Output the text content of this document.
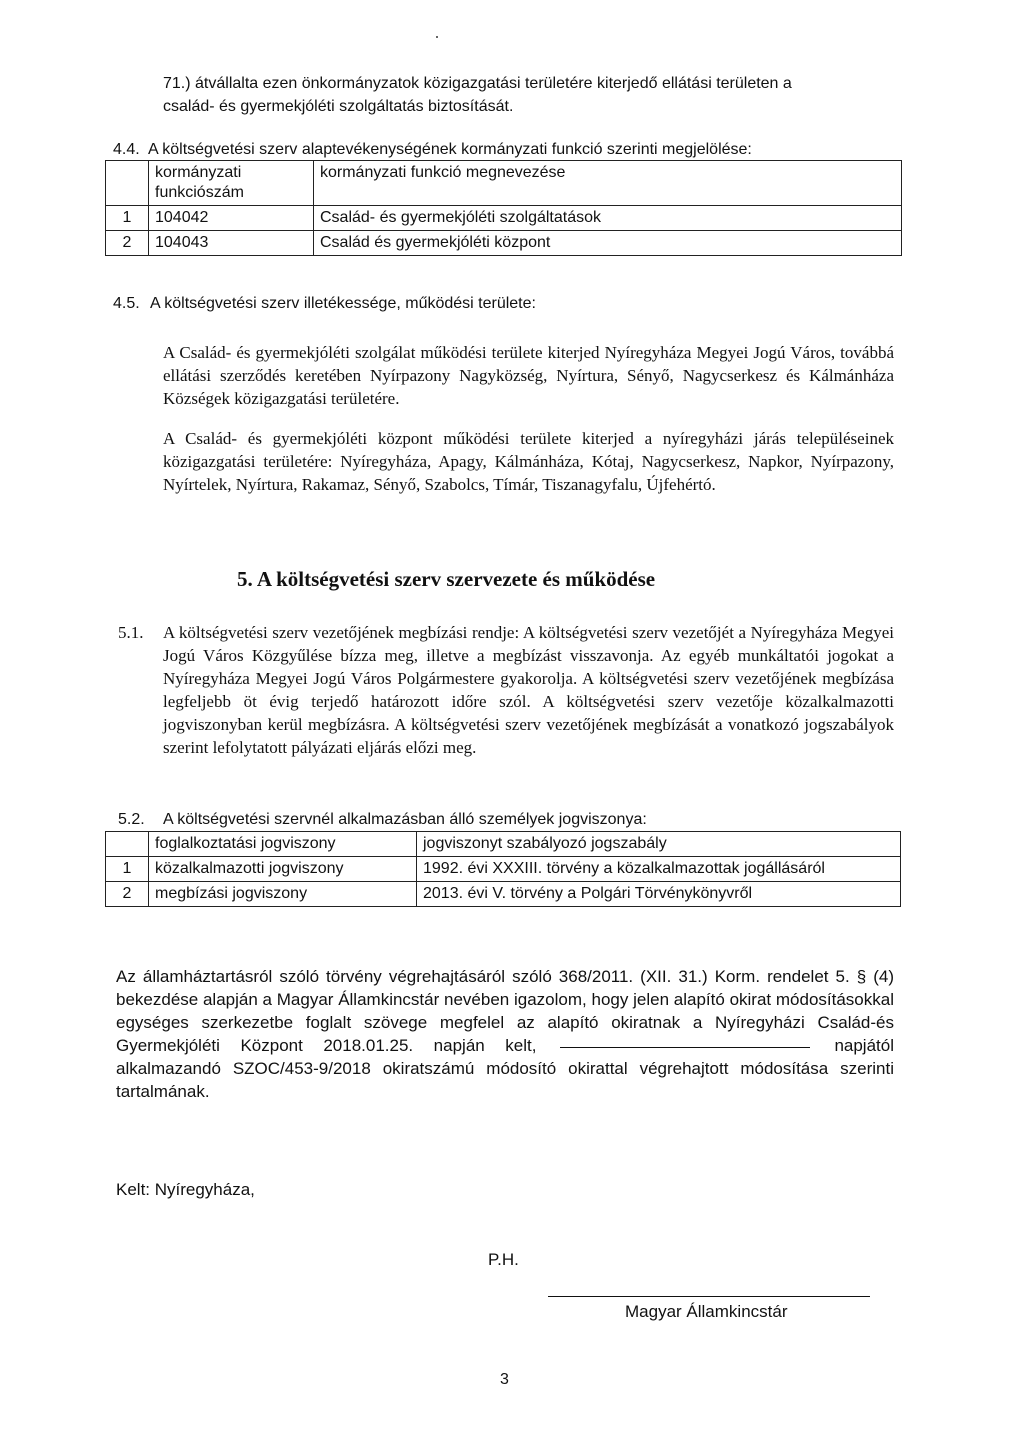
71.) átvállalta ezen önkormányzatok közigazgatási területére kiterjedő ellátási területen a
család- és gyermekjóléti szolgáltatás biztosítását.
4.4. A költségvetési szerv alaptevékenységének kormányzati funkció szerinti megjelölése:
	kormányzati funkciószám	kormányzati funkció megnevezése
1	104042	Család- és gyermekjóléti szolgáltatások
2	104043	Család és gyermekjóléti központ
4.5. A költségvetési szerv illetékessége, működési területe:
A Család- és gyermekjóléti szolgálat működési területe kiterjed Nyíregyháza Megyei Jogú Város, továbbá ellátási szerződés keretében Nyírpazony Nagyközség, Nyírtura, Sényő, Nagycserkesz és Kálmánháza Községek közigazgatási területére.
A Család- és gyermekjóléti központ működési területe kiterjed a nyíregyházi járás településeinek közigazgatási területére: Nyíregyháza, Apagy, Kálmánháza, Kótaj, Nagycserkesz, Napkor, Nyírpazony, Nyírtelek, Nyírtura, Rakamaz, Sényő, Szabolcs, Tímár, Tiszanagyfalu, Újfehértó.
5. A költségvetési szerv szervezete és működése
5.1. A költségvetési szerv vezetőjének megbízási rendje: A költségvetési szerv vezetőjét a Nyíregyháza Megyei Jogú Város Közgyűlése bízza meg, illetve a megbízást visszavonja. Az egyéb munkáltatói jogokat a Nyíregyháza Megyei Jogú Város Polgármestere gyakorolja. A költségvetési szerv vezetőjének megbízása legfeljebb öt évig terjedő határozott időre szól. A költségvetési szerv vezetője közalkalmazotti jogviszonyban kerül megbízásra. A költségvetési szerv vezetőjének megbízását a vonatkozó jogszabályok szerint lefolytatott pályázati eljárás előzi meg.
5.2. A költségvetési szervnél alkalmazásban álló személyek jogviszonya:
	foglalkoztatási jogviszony	jogviszonyt szabályozó jogszabály
1	közalkalmazotti jogviszony	1992. évi XXXIII. törvény a közalkalmazottak jogállásáról
2	megbízási jogviszony	2013. évi V. törvény a Polgári Törvénykönyvről
Az államháztartásról szóló törvény végrehajtásáról szóló 368/2011. (XII. 31.) Korm. rendelet 5. § (4) bekezdése alapján a Magyar Államkincstár nevében igazolom, hogy jelen alapító okirat módosításokkal egységes szerkezetbe foglalt szövege megfelel az alapító okiratnak a Nyíregyházi Család-és Gyermekjóléti Központ 2018.01.25. napján kelt,	napjától alkalmazandó SZOC/453-9/2018 okiratszámú módosító okirattal végrehajtott módosítása szerinti tartalmának.
Kelt: Nyíregyháza,
P.H.
Magyar Államkincstár
3
